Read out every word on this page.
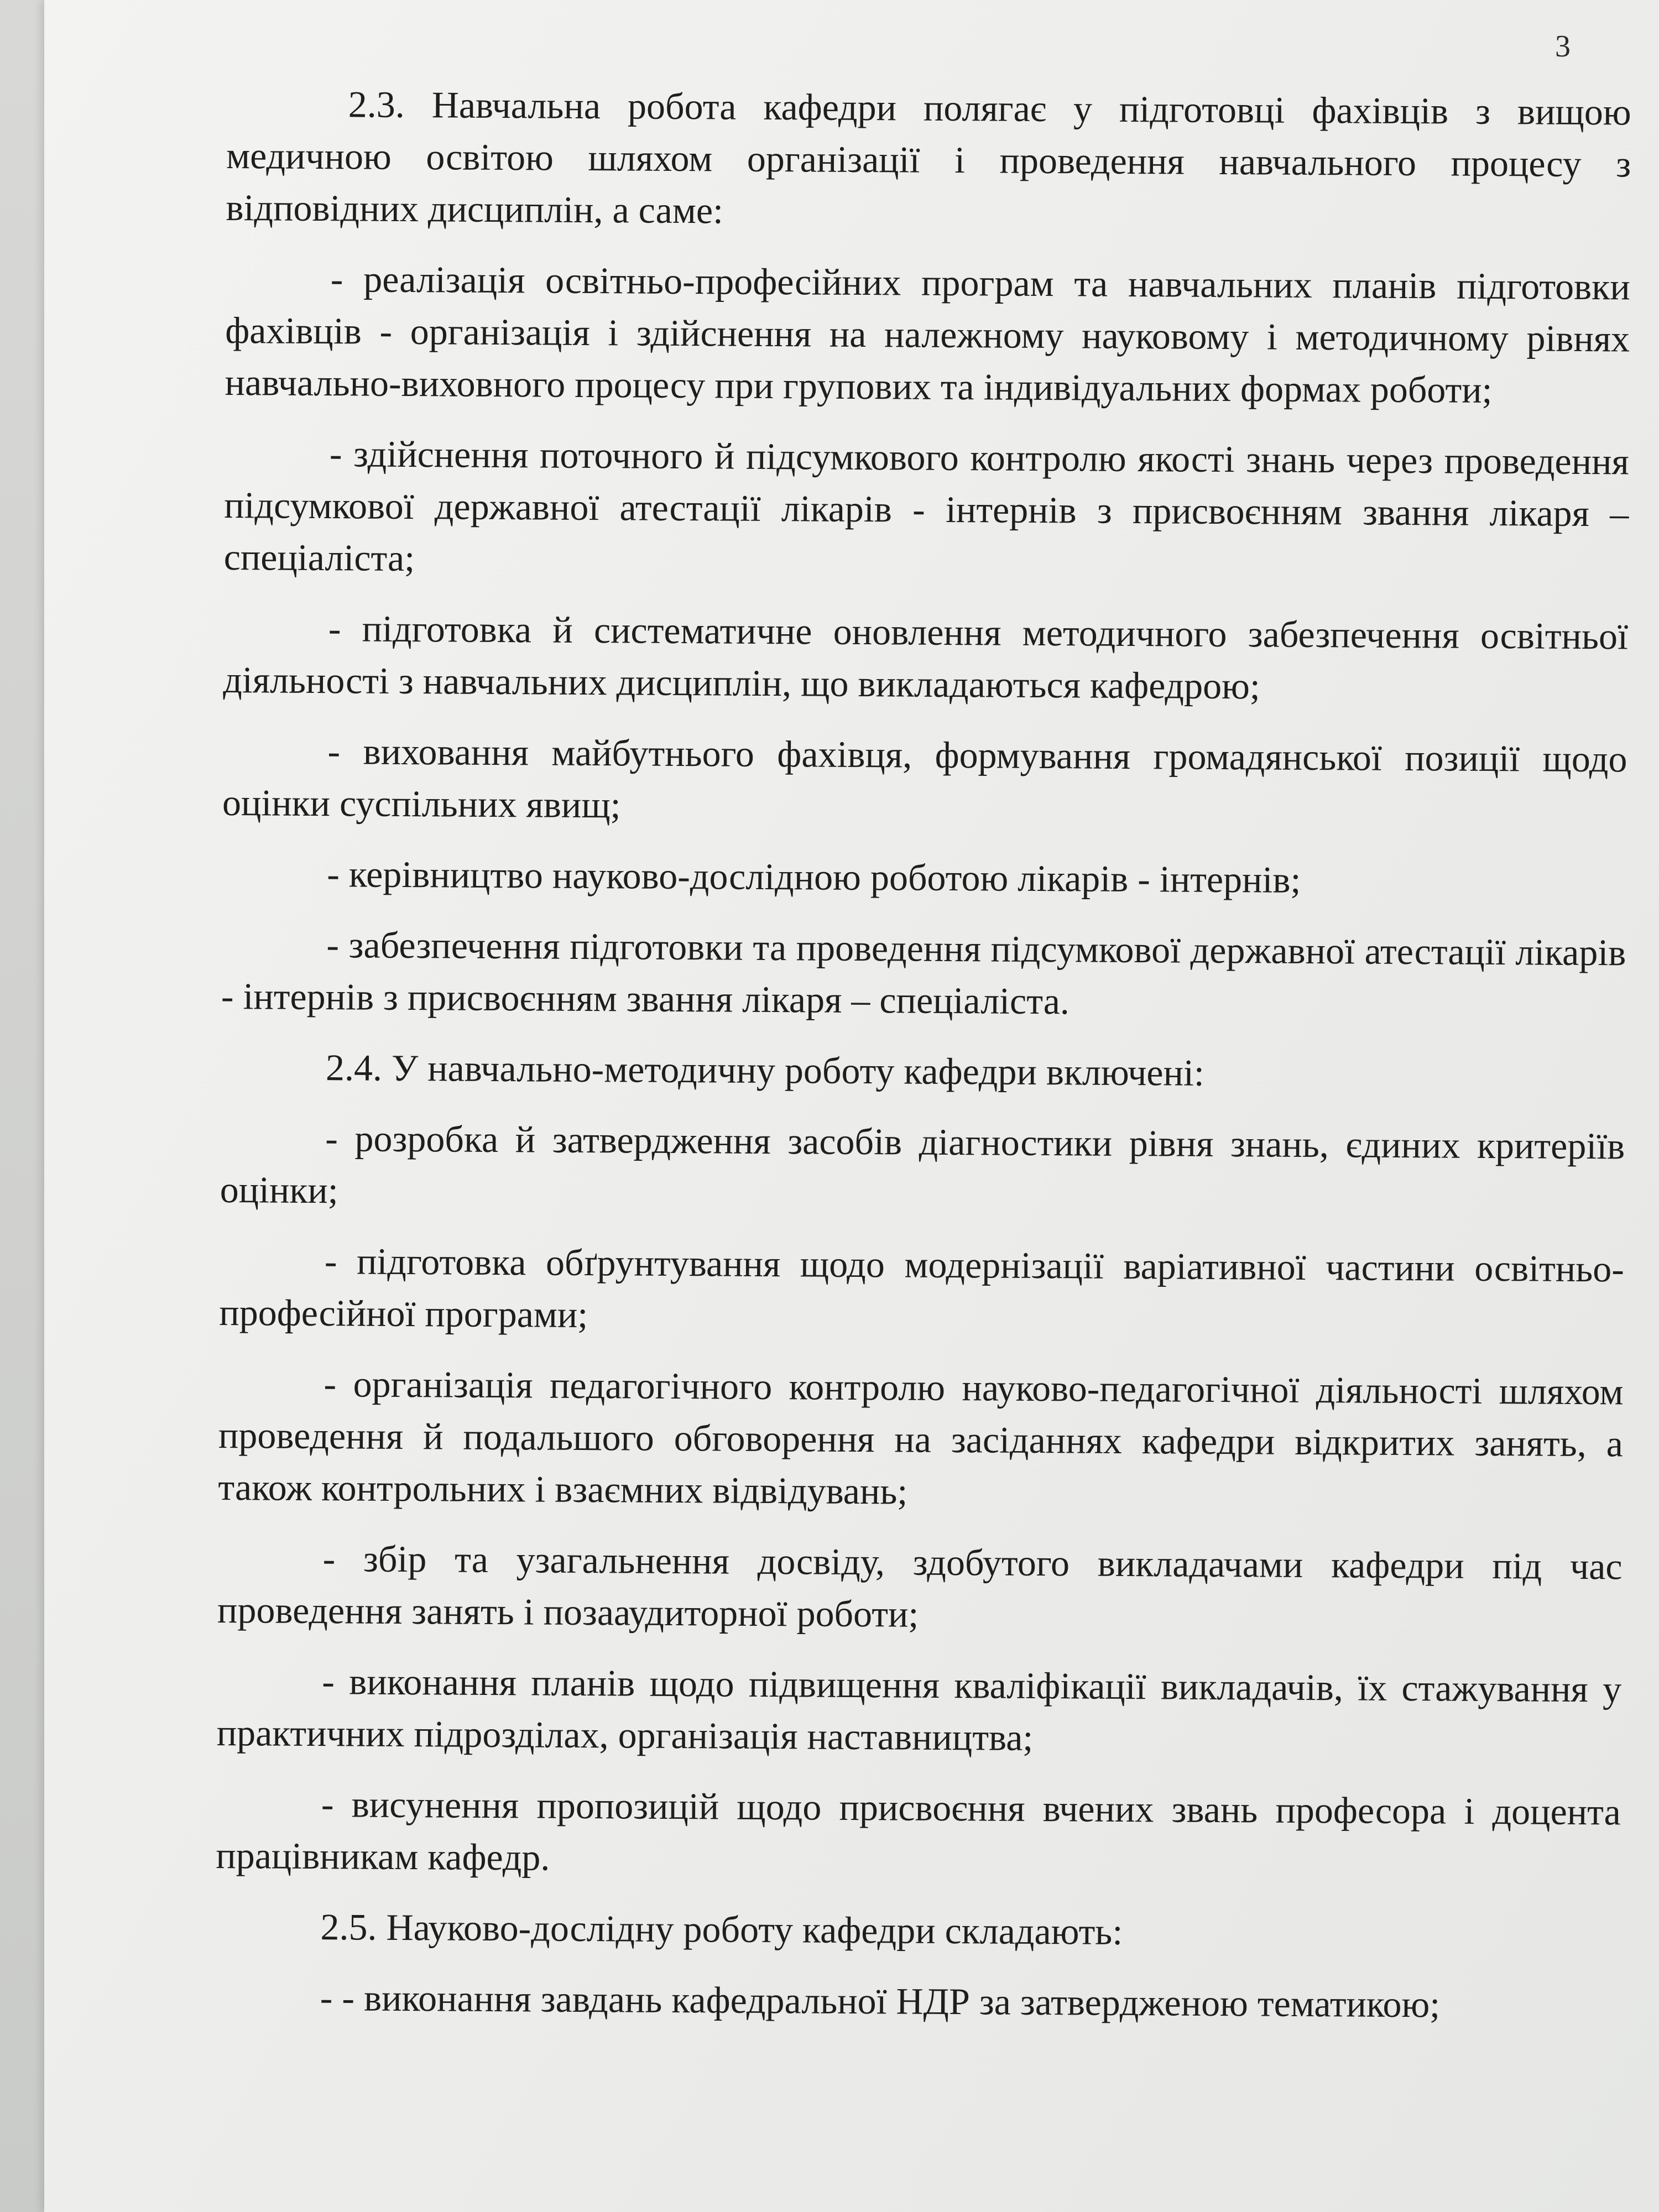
3

2.3. Навчальна робота кафедри полягає у підготовці фахівців з вищою медичною освітою шляхом організації і проведення навчального процесу з відповідних дисциплін, а саме:

- реалізація освітньо-професійних програм та навчальних планів підготовки фахівців - організація і здійснення на належному науковому і методичному рівнях навчально-виховного процесу при групових та індивідуальних формах роботи;

- здійснення поточного й підсумкового контролю якості знань через проведення підсумкової державної атестації лікарів - інтернів з присвоєнням звання лікаря – спеціаліста;

- підготовка й систематичне оновлення методичного забезпечення освітньої діяльності з навчальних дисциплін, що викладаються кафедрою;

- виховання майбутнього фахівця, формування громадянської позиції щодо оцінки суспільних явищ;

- керівництво науково-дослідною роботою лікарів - інтернів;

- забезпечення підготовки та проведення підсумкової державної атестації лікарів - інтернів з присвоєнням звання лікаря – спеціаліста.

2.4. У навчально-методичну роботу кафедри включені:

- розробка й затвердження засобів діагностики рівня знань, єдиних критеріїв оцінки;

- підготовка обґрунтування щодо модернізації варіативної частини освітньо-професійної програми;

- організація педагогічного контролю науково-педагогічної діяльності шляхом проведення й подальшого обговорення на засіданнях кафедри відкритих занять, а також контрольних і взаємних відвідувань;

- збір та узагальнення досвіду, здобутого викладачами кафедри під час проведення занять і позааудиторної роботи;

- виконання планів щодо підвищення кваліфікації викладачів, їх стажування у практичних підрозділах, організація наставництва;

- висунення пропозицій щодо присвоєння вчених звань професора і доцента працівникам кафедр.

2.5. Науково-дослідну роботу кафедри складають:

- - виконання завдань кафедральної НДР за затвердженою тематикою;
